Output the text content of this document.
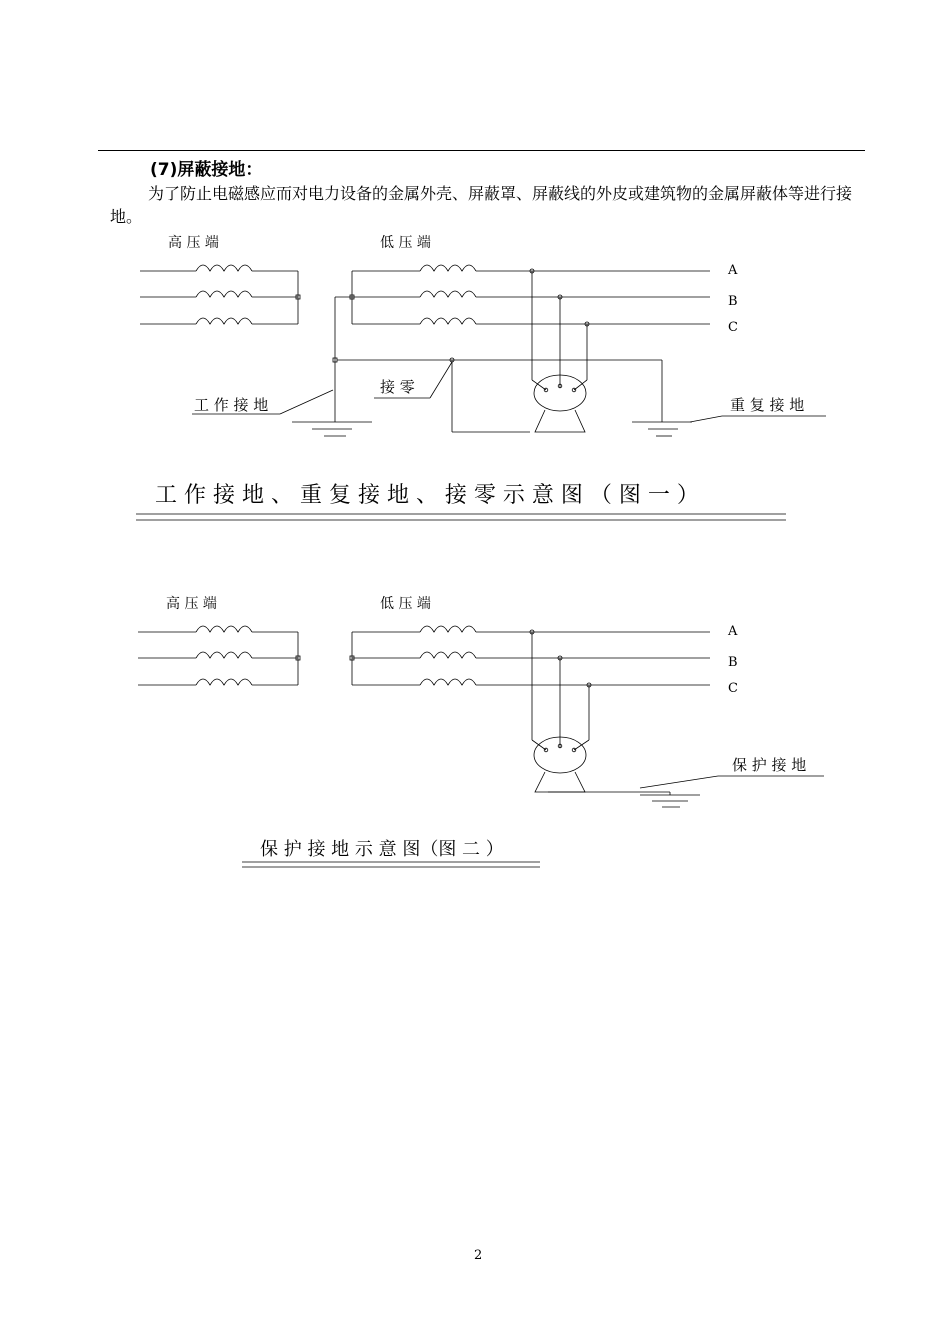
(7)屏蔽接地：
为了防止电磁感应而对电力设备的金属外壳、屏蔽罩、屏蔽线的外皮或建筑物的金属屏蔽体等进行接地。
高 压 端	低 压 端
A
B
C
接 零
工 作 接 地	重 复 接 地
工 作 接 地 、 重 复 接 地 、 接 零 示 意 图 （ 图 一 ）
高 压 端	低 压 端
A
B
C
保 护 接 地
保 护 接 地 示 意 图（图 二 ）
2
